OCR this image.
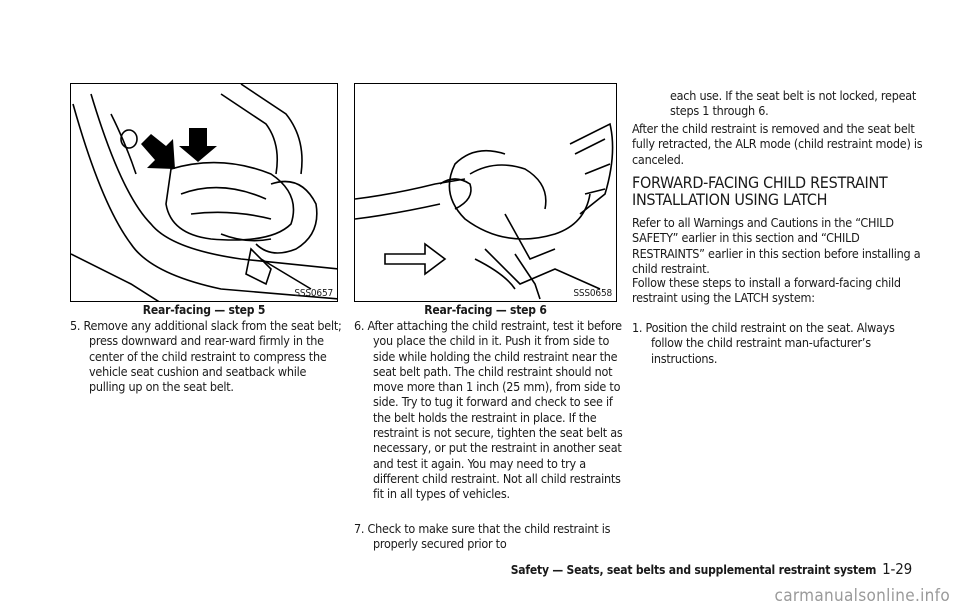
SSS0657
Rear-facing — step 5
SSS0658
Rear-facing — step 6

5. Remove any additional slack from the seat belt; press downward and rear-ward firmly in the center of the child restraint to compress the vehicle seat cushion and seatback while pulling up on the seat belt.

6. After attaching the child restraint, test it before you place the child in it. Push it from side to side while holding the child restraint near the seat belt path. The child restraint should not move more than 1 inch (25 mm), from side to side. Try to tug it forward and check to see if the belt holds the restraint in place. If the restraint is not secure, tighten the seat belt as necessary, or put the restraint in another seat and test it again. You may need to try a different child restraint. Not all child restraints fit in all types of vehicles.

7. Check to make sure that the child restraint is properly secured prior to

each use. If the seat belt is not locked, repeat steps 1 through 6.

After the child restraint is removed and the seat belt fully retracted, the ALR mode (child restraint mode) is canceled.

FORWARD-FACING CHILD RESTRAINT INSTALLATION USING LATCH

Refer to all Warnings and Cautions in the “CHILD SAFETY” earlier in this section and “CHILD RESTRAINTS” earlier in this section before installing a child restraint.

Follow these steps to install a forward-facing child restraint using the LATCH system:

1. Position the child restraint on the seat. Always follow the child restraint man-ufacturer’s instructions.

Safety — Seats, seat belts and supplemental restraint system 1-29
carmanualsonline.info
